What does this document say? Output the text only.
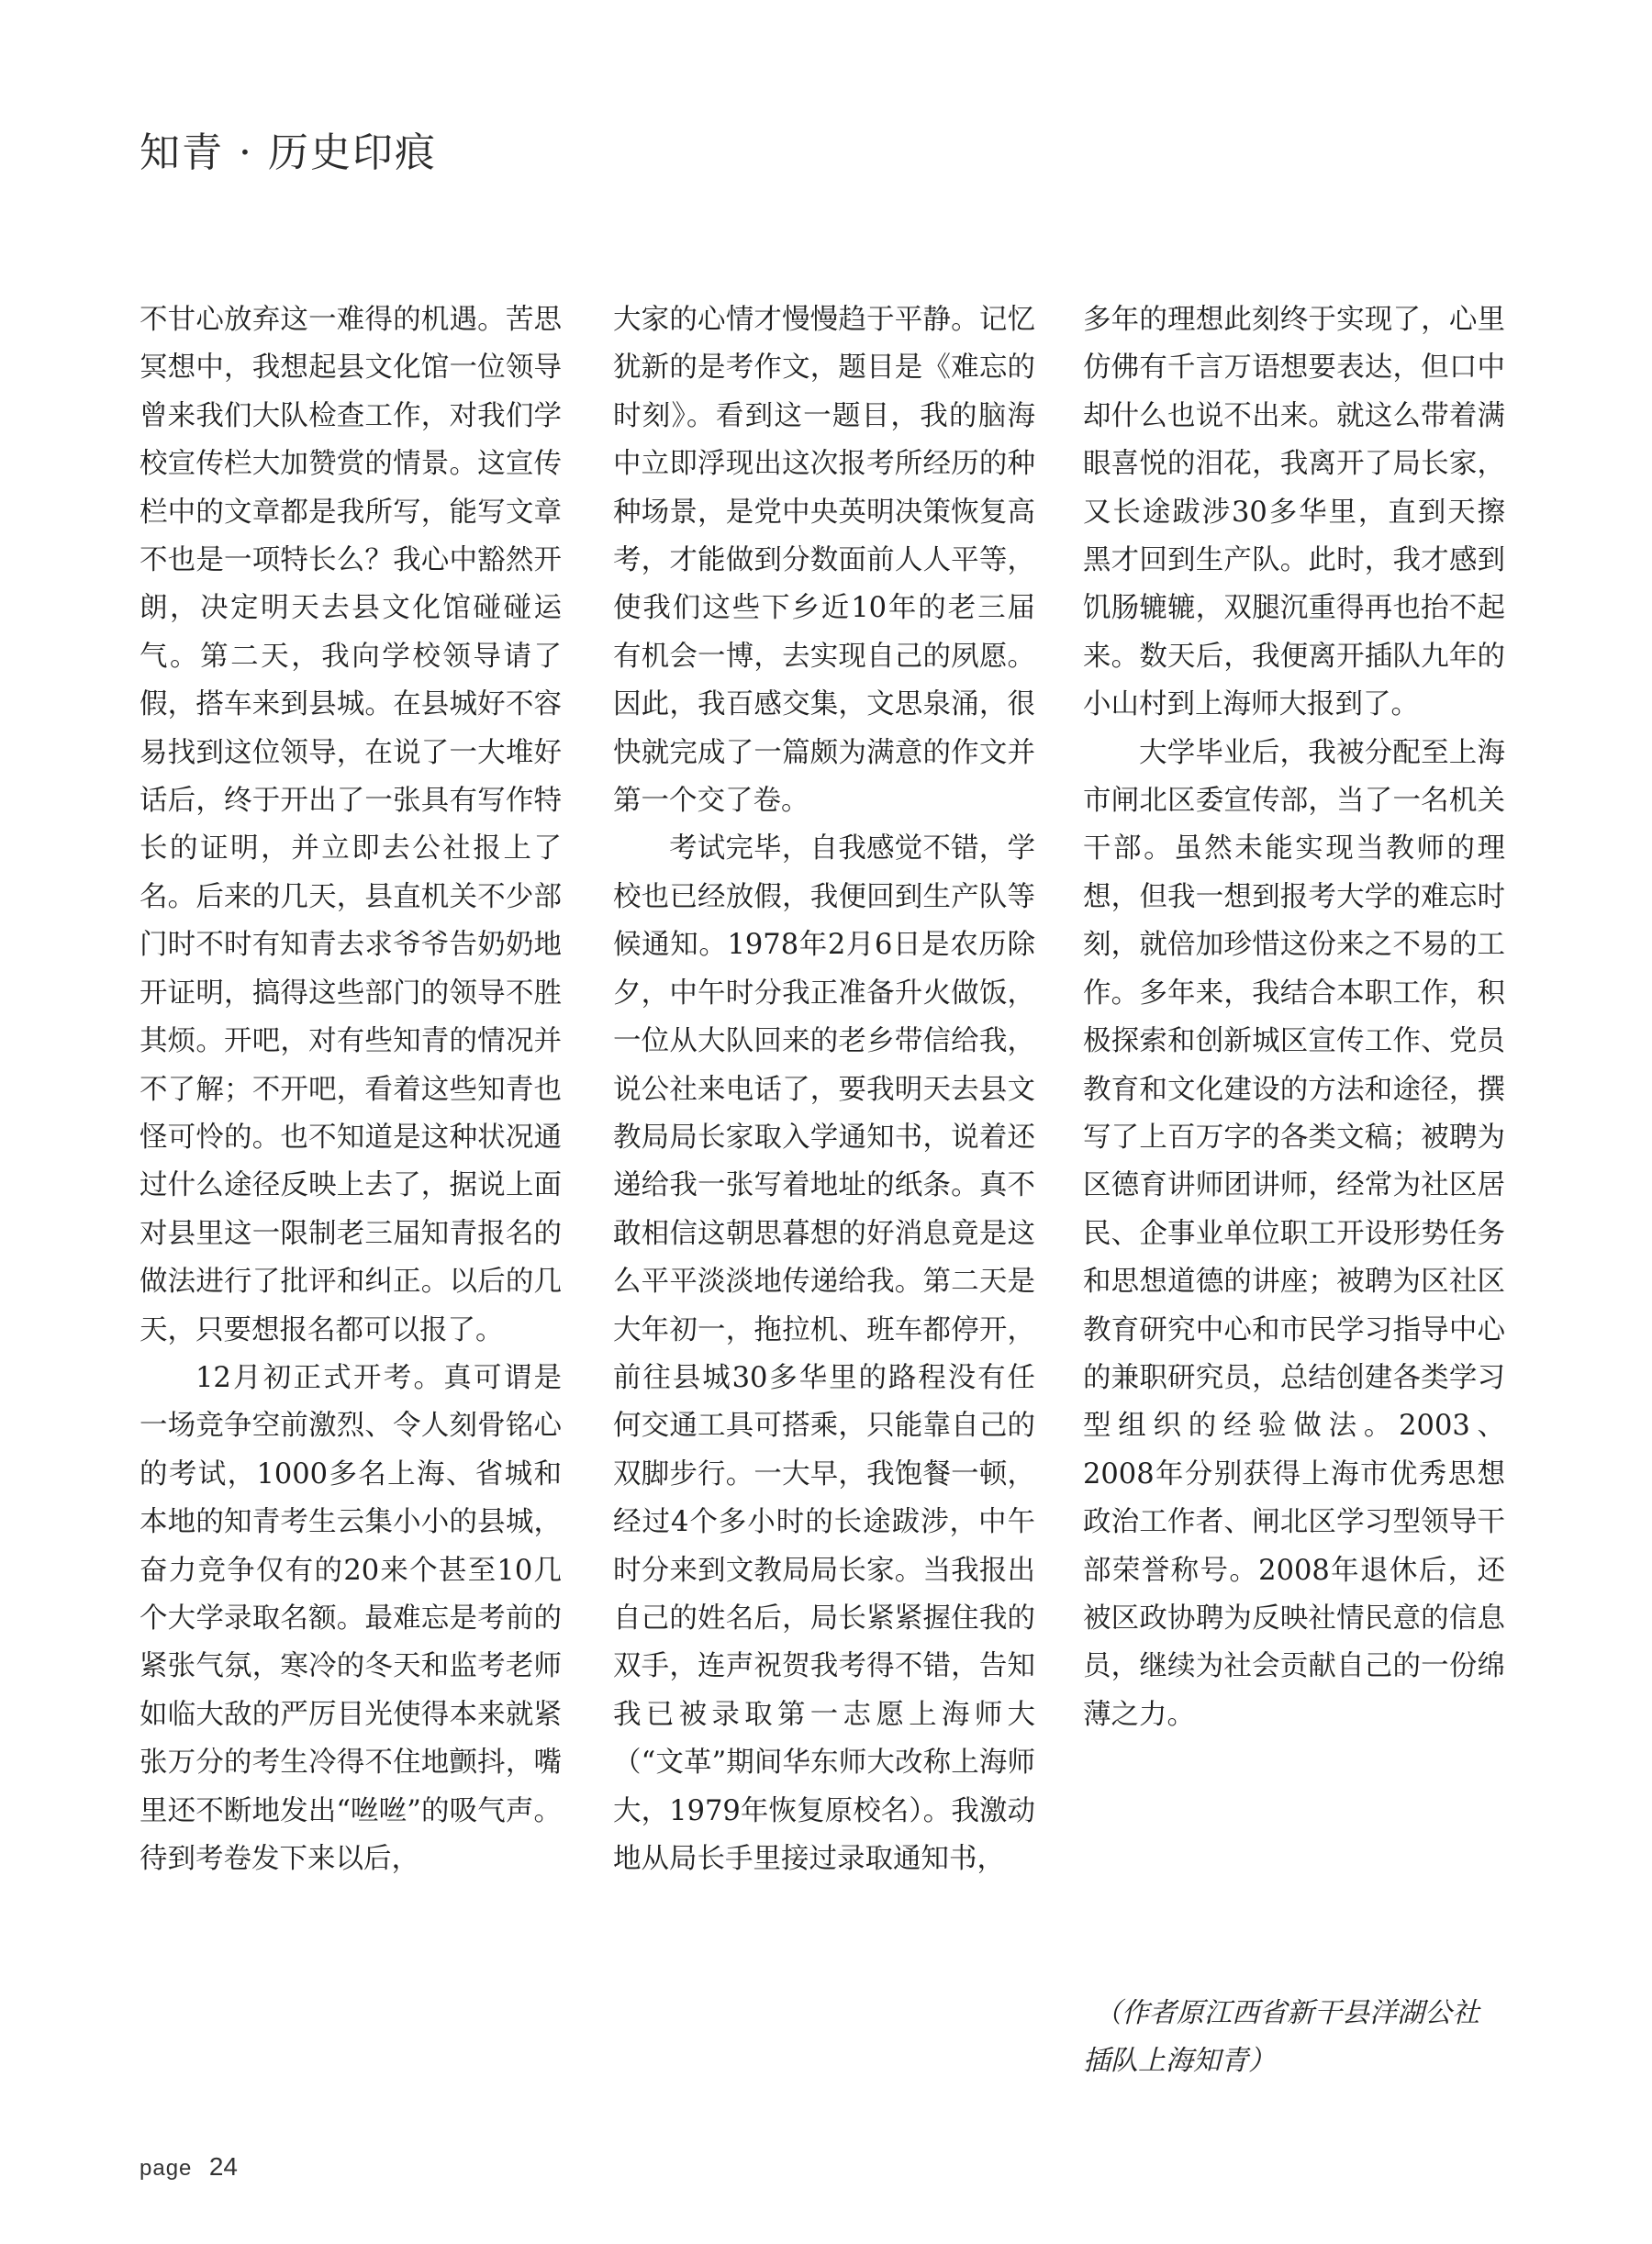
知青 · 历史印痕

不甘心放弃这一难得的机遇。苦思冥想中，我想起县文化馆一位领导曾来我们大队检查工作，对我们学校宣传栏大加赞赏的情景。这宣传栏中的文章都是我所写，能写文章不也是一项特长么？我心中豁然开朗，决定明天去县文化馆碰碰运气。第二天，我向学校领导请了假，搭车来到县城。在县城好不容易找到这位领导，在说了一大堆好话后，终于开出了一张具有写作特长的证明，并立即去公社报上了名。后来的几天，县直机关不少部门时不时有知青去求爷爷告奶奶地开证明，搞得这些部门的领导不胜其烦。开吧，对有些知青的情况并不了解；不开吧，看着这些知青也怪可怜的。也不知道是这种状况通过什么途径反映上去了，据说上面对县里这一限制老三届知青报名的做法进行了批评和纠正。以后的几天，只要想报名都可以报了。

12月初正式开考。真可谓是一场竞争空前激烈、令人刻骨铭心的考试，1000多名上海、省城和本地的知青考生云集小小的县城，奋力竞争仅有的20来个甚至10几个大学录取名额。最难忘是考前的紧张气氛，寒冷的冬天和监考老师如临大敌的严厉目光使得本来就紧张万分的考生冷得不住地颤抖，嘴里还不断地发出“咝咝”的吸气声。待到考卷发下来以后，

大家的心情才慢慢趋于平静。记忆犹新的是考作文，题目是《难忘的时刻》。看到这一题目，我的脑海中立即浮现出这次报考所经历的种种场景，是党中央英明决策恢复高考，才能做到分数面前人人平等，使我们这些下乡近10年的老三届有机会一博，去实现自己的夙愿。因此，我百感交集，文思泉涌，很快就完成了一篇颇为满意的作文并第一个交了卷。

考试完毕，自我感觉不错，学校也已经放假，我便回到生产队等候通知。1978年2月6日是农历除夕，中午时分我正准备升火做饭，一位从大队回来的老乡带信给我，说公社来电话了，要我明天去县文教局局长家取入学通知书，说着还递给我一张写着地址的纸条。真不敢相信这朝思暮想的好消息竟是这么平平淡淡地传递给我。第二天是大年初一，拖拉机、班车都停开，前往县城30多华里的路程没有任何交通工具可搭乘，只能靠自己的双脚步行。一大早，我饱餐一顿，经过4个多小时的长途跋涉，中午时分来到文教局局长家。当我报出自己的姓名后，局长紧紧握住我的双手，连声祝贺我考得不错，告知我已被录取第一志愿上海师大（“文革”期间华东师大改称上海师大，1979年恢复原校名）。我激动地从局长手里接过录取通知书，

多年的理想此刻终于实现了，心里仿佛有千言万语想要表达，但口中却什么也说不出来。就这么带着满眼喜悦的泪花，我离开了局长家，又长途跋涉30多华里，直到天擦黑才回到生产队。此时，我才感到饥肠辘辘，双腿沉重得再也抬不起来。数天后，我便离开插队九年的小山村到上海师大报到了。

大学毕业后，我被分配至上海市闸北区委宣传部，当了一名机关干部。虽然未能实现当教师的理想，但我一想到报考大学的难忘时刻，就倍加珍惜这份来之不易的工作。多年来，我结合本职工作，积极探索和创新城区宣传工作、党员教育和文化建设的方法和途径，撰写了上百万字的各类文稿；被聘为区德育讲师团讲师，经常为社区居民、企事业单位职工开设形势任务和思想道德的讲座；被聘为区社区教育研究中心和市民学习指导中心的兼职研究员，总结创建各类学习型组织的经验做法。2003、2008年分别获得上海市优秀思想政治工作者、闸北区学习型领导干部荣誉称号。2008年退休后，还被区政协聘为反映社情民意的信息员，继续为社会贡献自己的一份绵薄之力。

（作者原江西省新干县洋湖公社插队上海知青）
page 24
